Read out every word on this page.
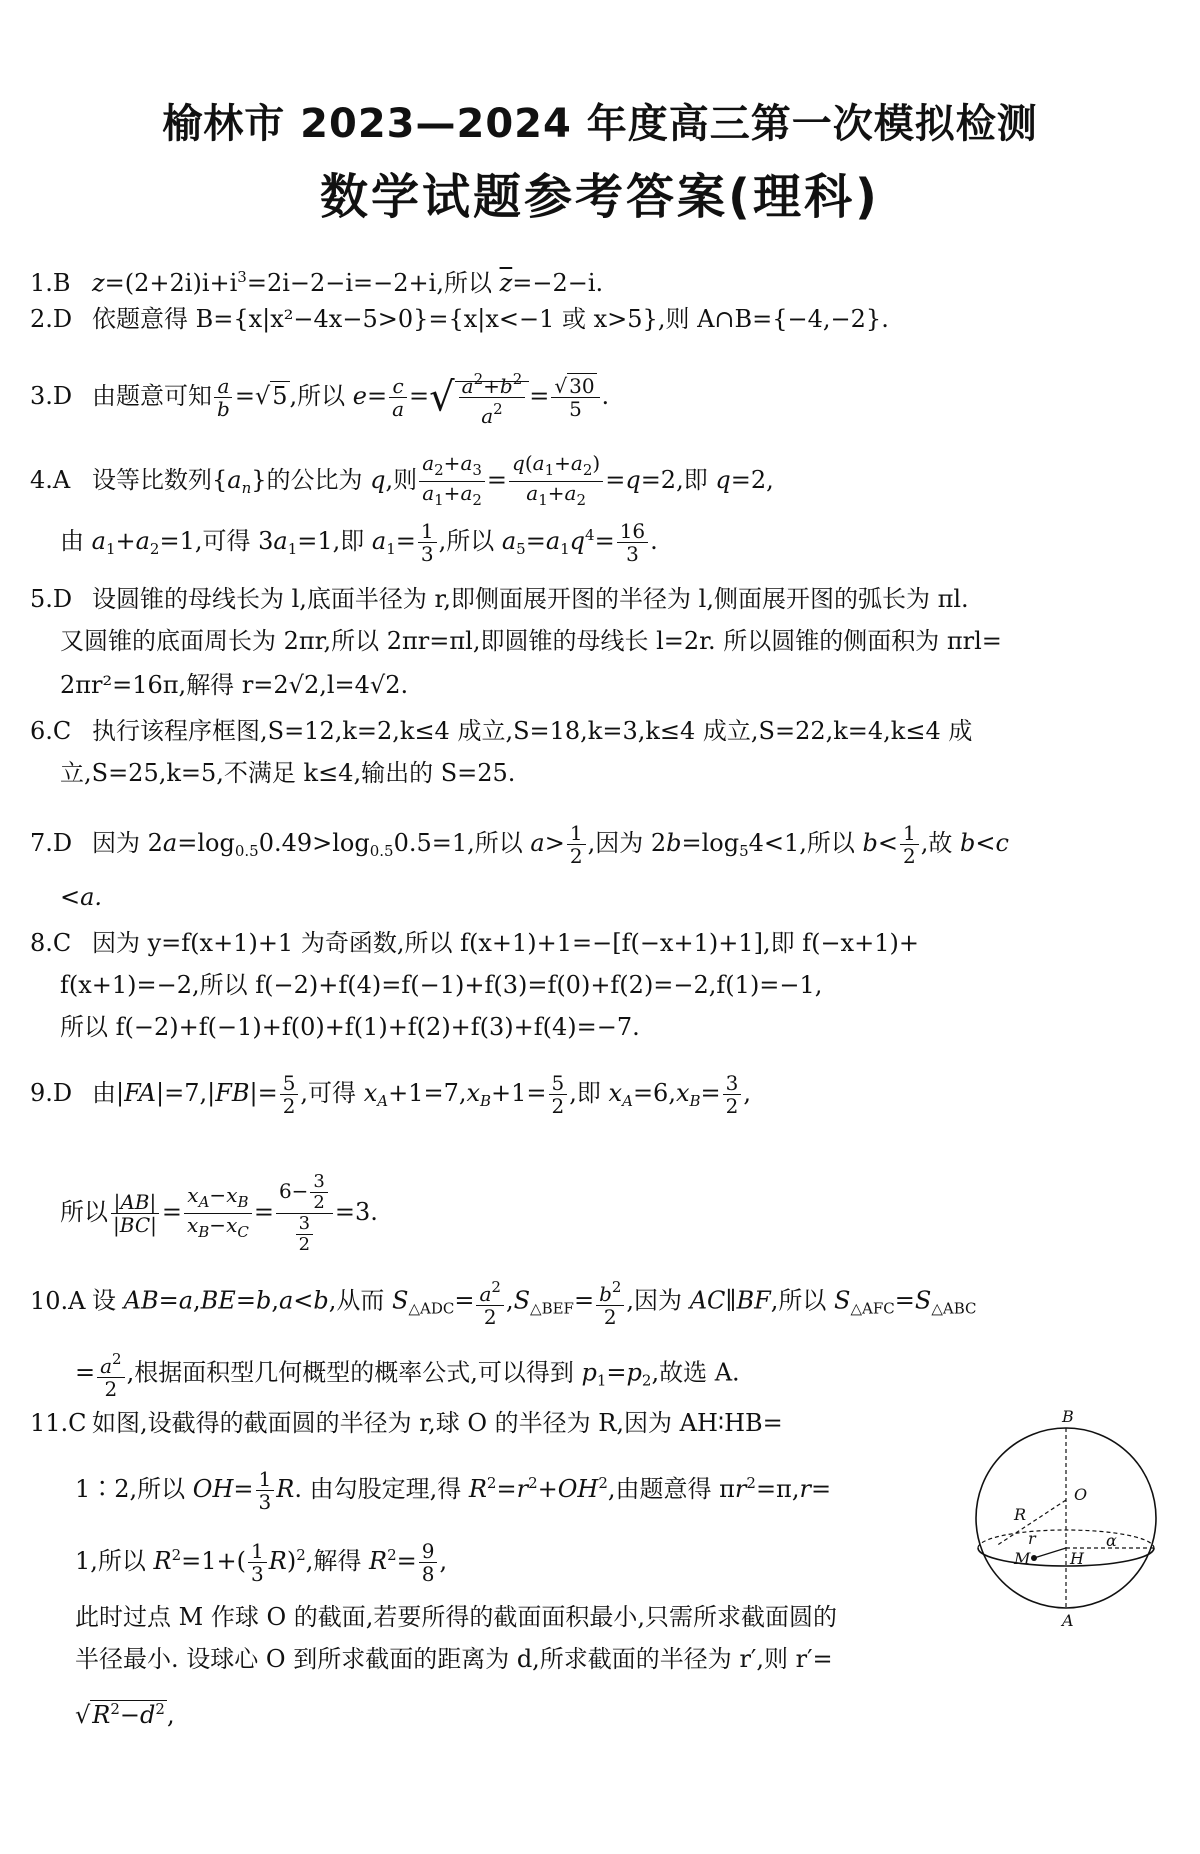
榆林市 2023—2024 年度高三第一次模拟检测
数学试题参考答案(理科)
1.B $z=(2+2i)i+i^3=2i-2-i=-2+i$,所以 $\overline{z}=-2-i$.
2.D 依题意得 B={x|x²−4x−5>0}={x|x<−1 或 x>5},则 A∩B={−4,−2}.
3.D 由题意可知 $\frac{a}{b} =√5$,所以 $e= \frac{c}{a}$ =√ $\frac{a^2+b^2}{a^2} = \frac{√ 30}{5}$ .
4.A 设等比数列$\{a_n\}$的公比为 q,则 $\frac{a_2+a_3}{a_1+a_2} = \frac{q(a_1+a_2)}{a_1+a_2} =q=2$,即 q=2,
由 $a_1+a_2=1$,可得 $3a_1=1$,即 $a_1= \frac{1}{3}$ ,所以 $a_5=a_1q^4= \frac{16}{3}$ .
5.D 设圆锥的母线长为 l,底面半径为 r,即侧面展开图的半径为 l,侧面展开图的弧长为 πl.
又圆锥的底面周长为 2πr,所以 2πr=πl,即圆锥的母线长 l=2r. 所以圆锥的侧面积为 πrl=
2πr²=16π,解得 r=2√2,l=4√2.
6.C 执行该程序框图,S=12,k=2,k≤4 成立,S=18,k=3,k≤4 成立,S=22,k=4,k≤4 成
立,S=25,k=5,不满足 k≤4,输出的 S=25.
7.D 因为 $2a=\log_{0.5}0.49>\log_{0.5}0.5=1$,所以 $a> \frac{1}{2}$ ,因为 $2b=\log_54<1$,所以 $b< \frac{1}{2}$ ,故 b<c
<a.
8.C 因为 y=f(x+1)+1 为奇函数,所以 f(x+1)+1=−[f(−x+1)+1],即 f(−x+1)+
f(x+1)=−2,所以 f(−2)+f(4)=f(−1)+f(3)=f(0)+f(2)=−2,f(1)=−1,
所以 f(−2)+f(−1)+f(0)+f(1)+f(2)+f(3)+f(4)=−7.
9.D 由$|FA|=7,|FB|= \frac{5}{2}$ ,可得 $x_A+1=7,x_B+1= \frac{5}{2}$ ,即 $x_A=6,x_B= \frac{3}{2}$ ,
所以 $\frac{|AB|}{|BC|} = \frac{x_A-x_B}{x_B-x_C} = \frac{6- \frac{3}{2}}{\frac{3}{2}} =3$.
10.A 设 AB=a,BE=b,a<b,从而 $S_{\triangle ADC}= \frac{a^2}{2} ,S_{\triangle BEF}= \frac{b^2}{2}$ ,因为 AC∥BF,所以 $S_{\triangle AFC}=S_{\triangle ABC}$
= $\frac{a^2}{2}$ ,根据面积型几何概型的概率公式,可以得到 $p_1=p_2$,故选 A.
11.C 如图,设截得的截面圆的半径为 r,球 O 的半径为 R,因为 AH∶HB=
1∶2,所以 $OH= \frac{1}{3} R$. 由勾股定理,得 $R^2=r^2+OH^2$,由题意得 $\pi r^2=\pi,r=$
1,所以 $R^2=1+( \frac{1}{3} R)^2$,解得 $R^2= \frac{9}{8}$ ,
此时过点 M 作球 O 的截面,若要所得的截面面积最小,只需所求截面圆的
半径最小. 设球心 O 到所求截面的距离为 d,所求截面的半径为 r′,则 r′=
$√R^2-d^2$,
B
O
R
r	α
M H
A
